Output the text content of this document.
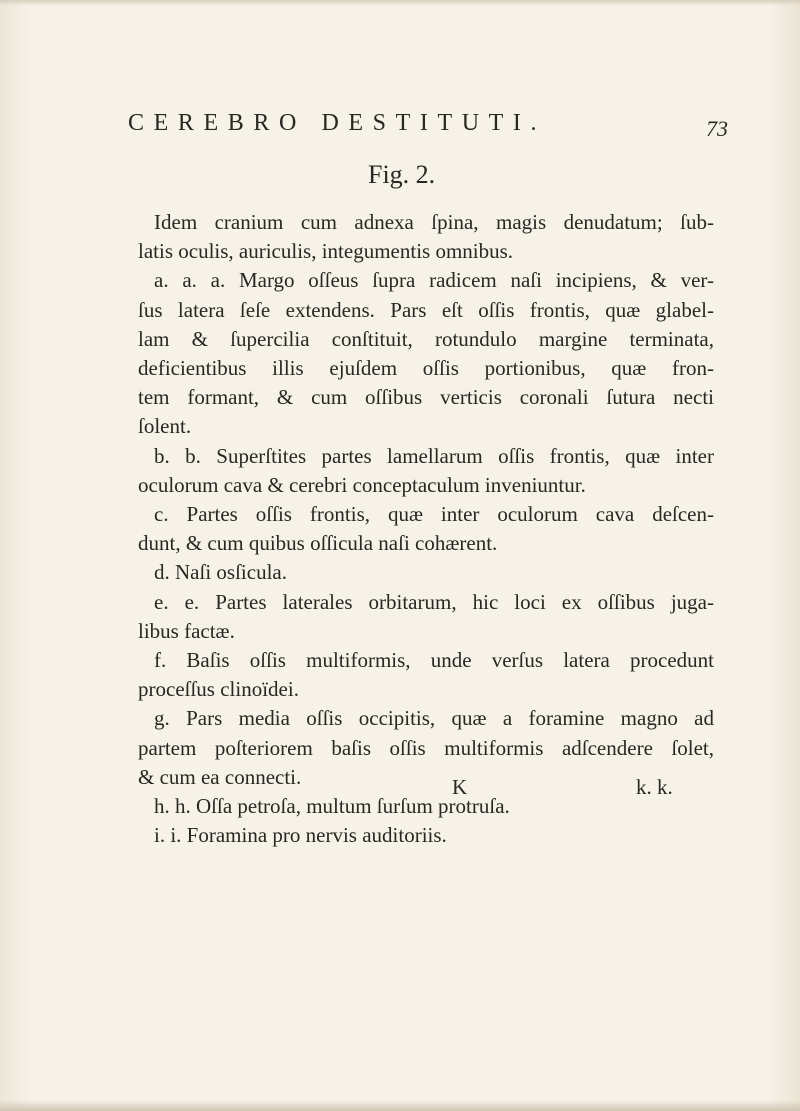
CEREBRO DESTITUTI.	73
Fig. 2.

Idem cranium cum adnexa ſpina, magis denudatum; ſub-
latis oculis, auriculis, integumentis omnibus.

a. a. a. Margo oſſeus ſupra radicem naſi incipiens, & ver-
ſus latera ſeſe extendens. Pars eſt oſſis frontis, quæ glabel-
lam & ſupercilia conſtituit, rotundulo margine terminata,
deficientibus illis ejuſdem oſſis portionibus, quæ fron-
tem formant, & cum oſſibus verticis coronali ſutura necti
ſolent.

b. b. Superſtites partes lamellarum oſſis frontis, quæ inter
oculorum cava & cerebri conceptaculum inveniuntur.

c. Partes oſſis frontis, quæ inter oculorum cava deſcen-
dunt, & cum quibus oſſicula naſi cohærent.

d. Naſi osſicula.

e. e. Partes laterales orbitarum, hic loci ex oſſibus juga-
libus factæ.

f. Baſis oſſis multiformis, unde verſus latera procedunt
proceſſus clinoïdei.

g. Pars media oſſis occipitis, quæ a foramine magno ad
partem poſteriorem baſis oſſis multiformis adſcendere ſolet,
& cum ea connecti.

h. h. Oſſa petroſa, multum ſurſum protruſa.

i. i. Foramina pro nervis auditoriis.

K	k. k.
